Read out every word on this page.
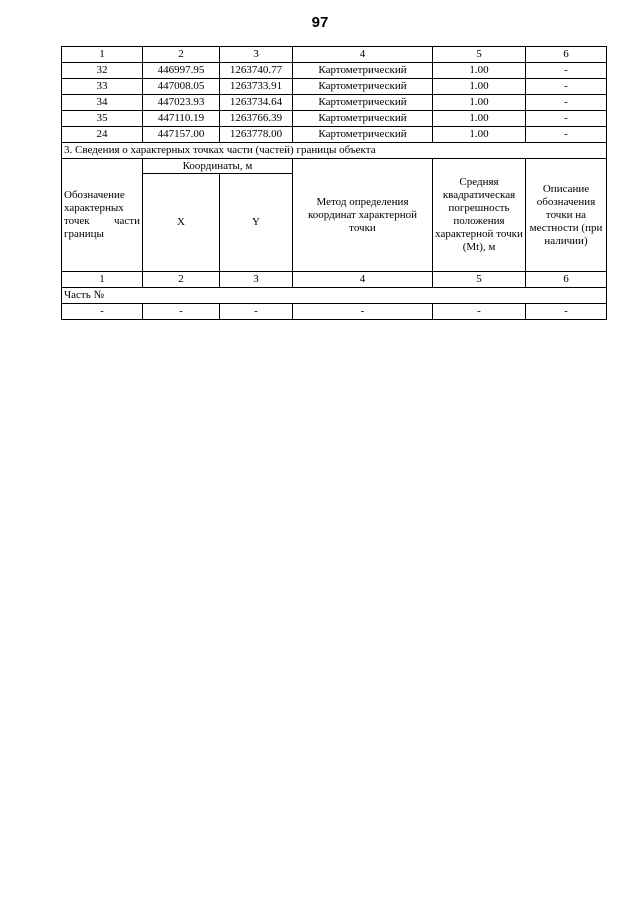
97
1	2	3	4	5	6
32	446997.95	1263740.77	Картометрический	1.00	-
33	447008.05	1263733.91	Картометрический	1.00	-
34	447023.93	1263734.64	Картометрический	1.00	-
35	447110.19	1263766.39	Картометрический	1.00	-
24	447157.00	1263778.00	Картометрический	1.00	-
3. Сведения о характерных точках части (частей) границы объекта					
Обозначение характерных точек части границы	Координаты, м		Метод определения координат характерной точки	Средняя квадратическая погрешность положения характерной точки (Mt), м	Описание обозначения точки на местности (при наличии)
	X	Y			
1	2	3	4	5	6
Часть №					
-	-	-	-	-	-
